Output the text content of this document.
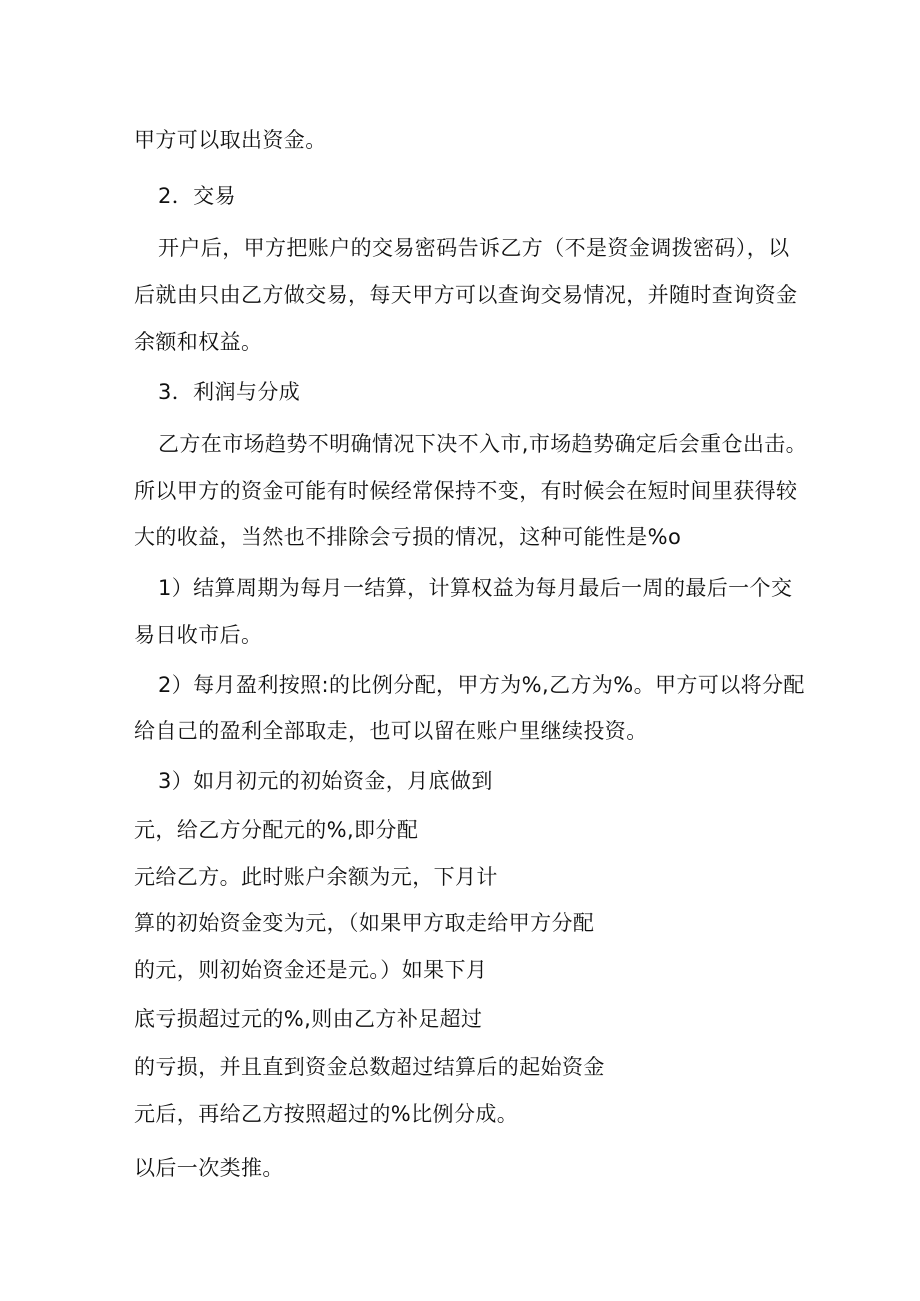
甲方可以取出资金。
2．交易
开户后，甲方把账户的交易密码告诉乙方（不是资金调拨密码），以
后就由只由乙方做交易，每天甲方可以查询交易情况，并随时查询资金
余额和权益。
3．利润与分成
乙方在市场趋势不明确情况下决不入市,市场趋势确定后会重仓出击。
所以甲方的资金可能有时候经常保持不变，有时候会在短时间里获得较
大的收益，当然也不排除会亏损的情况，这种可能性是%o
1）结算周期为每月一结算，计算权益为每月最后一周的最后一个交
易日收市后。
2）每月盈利按照:的比例分配，甲方为%,乙方为%。甲方可以将分配
给自己的盈利全部取走，也可以留在账户里继续投资。
3）如月初元的初始资金，月底做到
元，给乙方分配元的%,即分配
元给乙方。此时账户余额为元，下月计
算的初始资金变为元，（如果甲方取走给甲方分配
的元，则初始资金还是元。）如果下月
底亏损超过元的%,则由乙方补足超过
的亏损，并且直到资金总数超过结算后的起始资金
元后，再给乙方按照超过的%比例分成。
以后一次类推。
